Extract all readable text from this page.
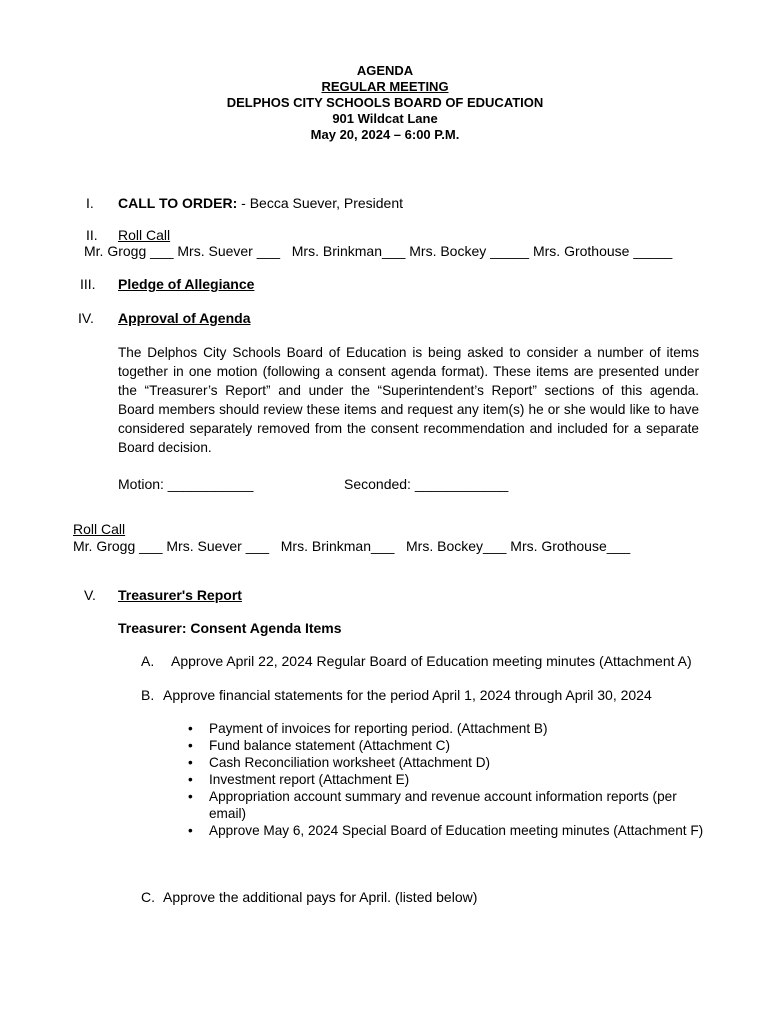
AGENDA
REGULAR MEETING
DELPHOS CITY SCHOOLS BOARD OF EDUCATION
901 Wildcat Lane
May 20, 2024 – 6:00 P.M.
I. CALL TO ORDER: - Becca Suever, President
II. Roll Call
Mr. Grogg ___ Mrs. Suever ___   Mrs. Brinkman___ Mrs. Bockey _____ Mrs. Grothouse _____
III. Pledge of Allegiance
IV. Approval of Agenda
The Delphos City Schools Board of Education is being asked to consider a number of items
together in one motion (following a consent agenda format). These items are presented under
the “Treasurer’s Report” and under the “Superintendent’s Report” sections of this agenda.
Board members should review these items and request any item(s) he or she would like to have
considered separately removed from the consent recommendation and included for a separate
Board decision.
Motion: ___________	Seconded: ____________
Roll Call
Mr. Grogg ___ Mrs. Suever ___   Mrs. Brinkman___   Mrs. Bockey___ Mrs. Grothouse___
V. Treasurer's Report
Treasurer: Consent Agenda Items
A. Approve April 22, 2024 Regular Board of Education meeting minutes (Attachment A)
B. Approve financial statements for the period April 1, 2024 through April 30, 2024
• Payment of invoices for reporting period. (Attachment B)
• Fund balance statement (Attachment C)
• Cash Reconciliation worksheet (Attachment D)
• Investment report (Attachment E)
• Appropriation account summary and revenue account information reports (per email)
• Approve May 6, 2024 Special Board of Education meeting minutes (Attachment F)
C. Approve the additional pays for April. (listed below)
